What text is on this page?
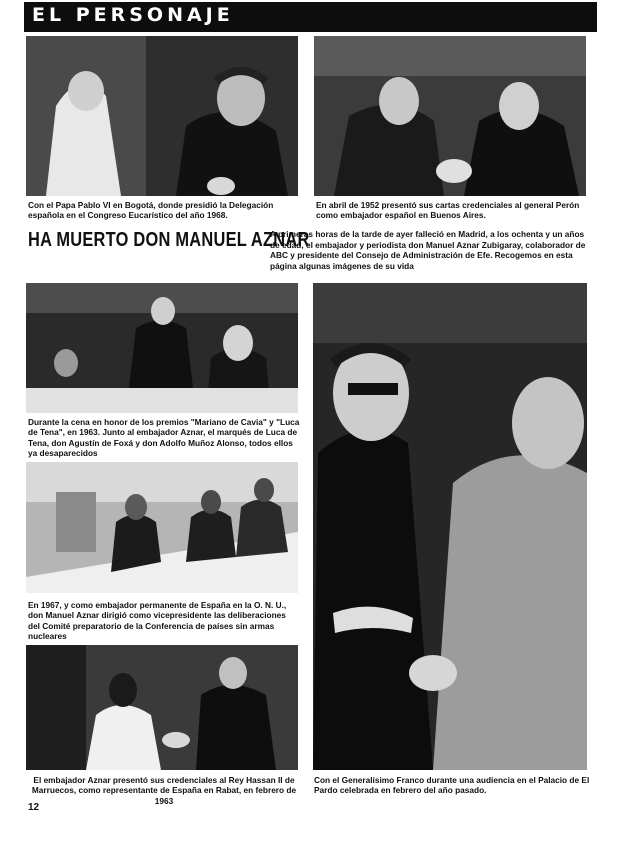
EL PERSONAJE
Con el Papa Pablo VI en Bogotá, donde presidió la Delegación española en el Congreso Eucarístico del año 1968.
En abril de 1952 presentó sus cartas credenciales al general Perón como embajador español en Buenos Aires.
HA MUERTO DON MANUEL AZNAR
A primeras horas de la tarde de ayer falleció en Madrid, a los ochenta y un años de edad, el embajador y periodista don Manuel Aznar Zubigaray, colaborador de ABC y presidente del Consejo de Administración de Efe. Recogemos en esta página algunas imágenes de su vida
Durante la cena en honor de los premios "Mariano de Cavia" y "Luca de Tena", en 1963. Junto al embajador Aznar, el marqués de Luca de Tena, don Agustín de Foxá y don Adolfo Muñoz Alonso, todos ellos ya desaparecidos
En 1967, y como embajador permanente de España en la O. N. U., don Manuel Aznar dirigió como vicepresidente las deliberaciones del Comité preparatorio de la Conferencia de países sin armas nucleares
El embajador Aznar presentó sus credenciales al Rey Hassan II de Marruecos, como representante de España en Rabat, en febrero de 1963
Con el Generalísimo Franco durante una audiencia en el Palacio de El Pardo celebrada en febrero del año pasado.
12
